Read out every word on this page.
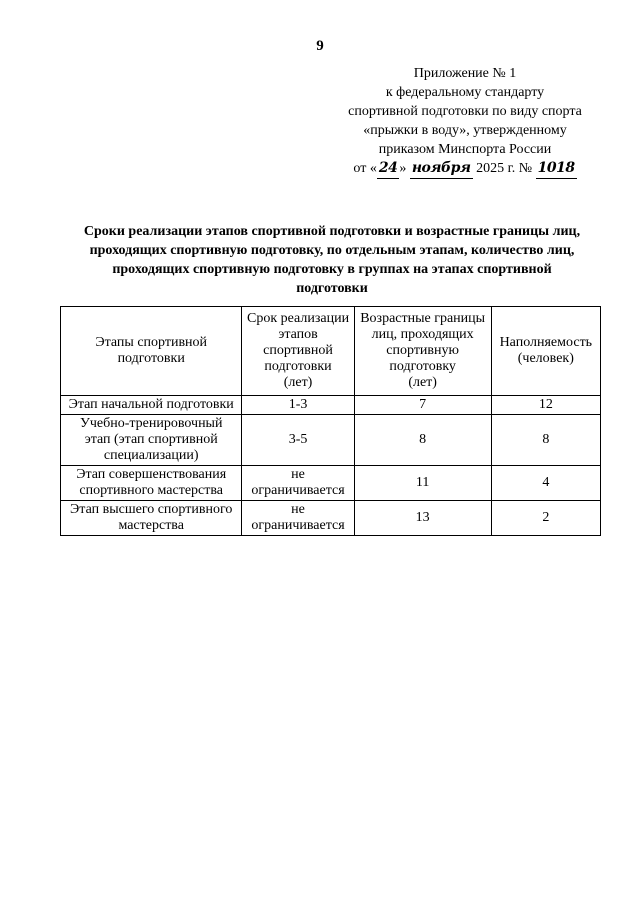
9
Приложение № 1
к федеральному стандарту
спортивной подготовки по виду спорта
«прыжки в воду», утвержденному
приказом Минспорта России
от « 24 » ноября 2025 г. № 1018
Сроки реализации этапов спортивной подготовки и возрастные границы лиц,
проходящих спортивную подготовку, по отдельным этапам, количество лиц,
проходящих спортивную подготовку в группах на этапах спортивной
подготовки
Этапы спортивной
подготовки	Срок реализации
этапов
спортивной
подготовки
(лет)	Возрастные границы
лиц, проходящих
спортивную
подготовку
(лет)	Наполняемость
(человек)

Этап начальной подготовки	1-3	7	12

Учебно-тренировочный
этап (этап спортивной
специализации)	3-5	8	8

Этап совершенствования
спортивного мастерства	не
ограничивается	11	4

Этап высшего спортивного
мастерства	не
ограничивается	13	2
